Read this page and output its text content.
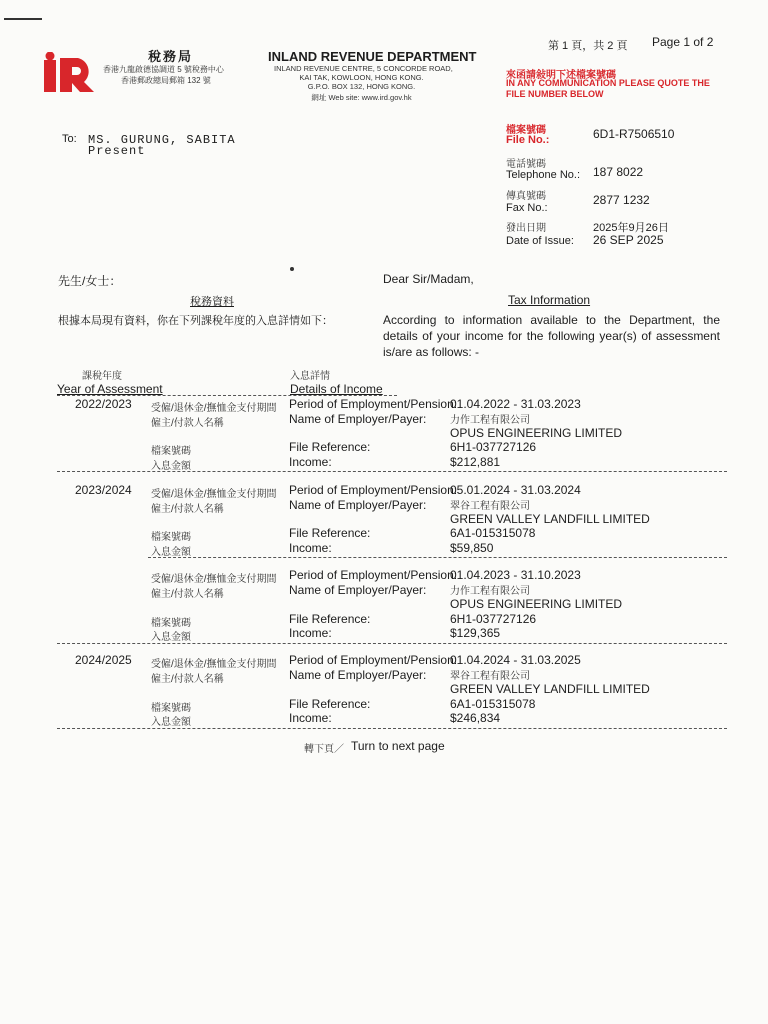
稅務局
香港九龍啟德協調道 5 號稅務中心
香港郵政總局郵箱 132 號
INLAND REVENUE DEPARTMENT
INLAND REVENUE CENTRE, 5 CONCORDE ROAD,
KAI TAK, KOWLOON, HONG KONG.
G.P.O. BOX 132, HONG KONG.
網址 Web site: www.ird.gov.hk
第 1 頁，共 2 頁 Page 1 of 2
來函請敍明下述檔案號碼
IN ANY COMMUNICATION PLEASE QUOTE THE
FILE NUMBER BELOW
檔案號碼
File No.:	6D1-R7506510
電話號碼
Telephone No.: 187 8022
傳真號碼
Fax No.:
2877 1232
發出日期
Date of Issue:
2025年9月26日
26 SEP 2025
To: MS. GURUNG, SABITA
Present
先生/女士：	Dear Sir/Madam,
稅務資料	Tax Information
根據本局現有資料，你在下列課稅年度的入息詳情如下：	According to information available to the Department, the details of your income for the following year(s) of assessment is/are as follows: -
課稅年度
Year of Assessment
入息詳情
Details of Income
2022/2023 受僱/退休金/撫恤金支付期間 Period of Employment/Pension:
01.04.2022 - 31.03.2023
僱主/付款人名稱	Name of Employer/Payer: 力作工程有限公司
OPUS ENGINEERING LIMITED
檔案號碼	File Reference:	6H1-037727126
入息金額	Income:	$212,881
2023/2024 受僱/退休金/撫恤金支付期間 Period of Employment/Pension:
05.01.2024 - 31.03.2024
僱主/付款人名稱	Name of Employer/Payer: 翠谷工程有限公司
GREEN VALLEY LANDFILL LIMITED
檔案號碼	File Reference:	6A1-015315078
入息金額	Income:	$59,850
受僱/退休金/撫恤金支付期間 Period of Employment/Pension:
01.04.2023 - 31.10.2023
僱主/付款人名稱	Name of Employer/Payer: 力作工程有限公司
OPUS ENGINEERING LIMITED
檔案號碼	File Reference:	6H1-037727126
入息金額	Income:	$129,365
2024/2025 受僱/退休金/撫恤金支付期間 Period of Employment/Pension:
01.04.2024 - 31.03.2025
僱主/付款人名稱	Name of Employer/Payer: 翠谷工程有限公司
GREEN VALLEY LANDFILL LIMITED
檔案號碼	File Reference:	6A1-015315078
入息金額	Income:	$246,834
轉下頁／ Turn to next page
